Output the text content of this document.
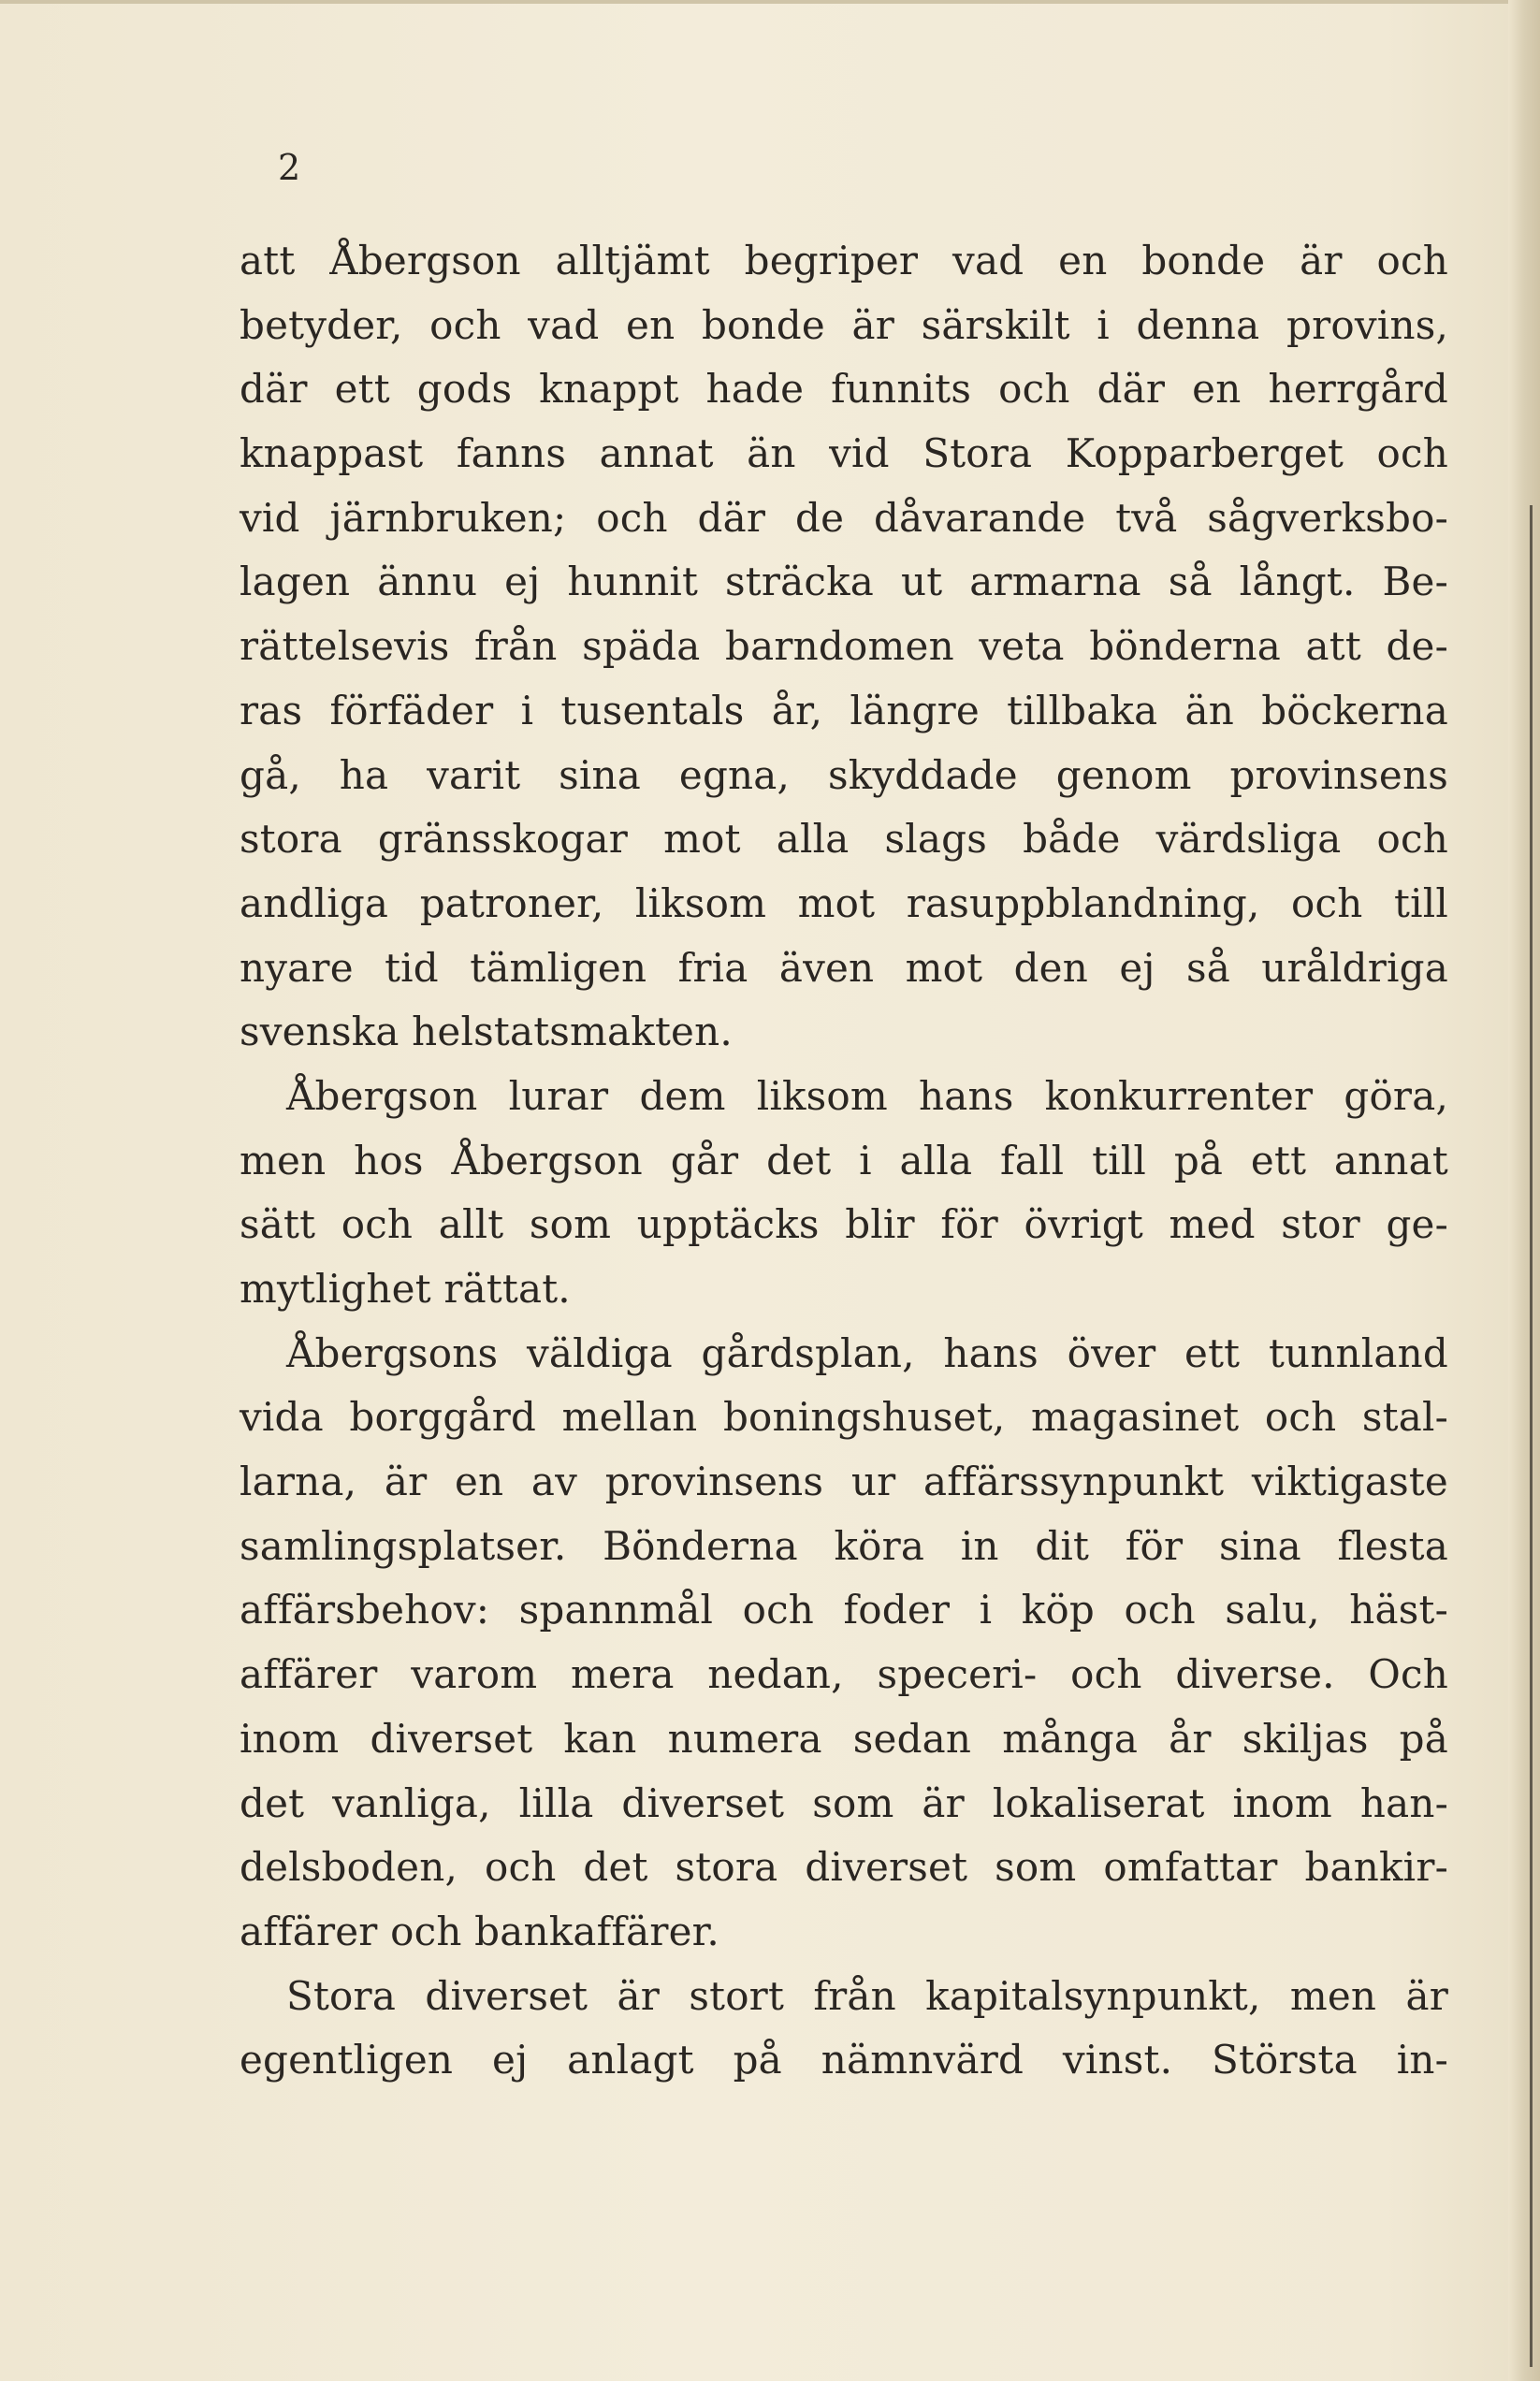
2
att Åbergson alltjämt begriper vad en bonde är och
betyder, och vad en bonde är särskilt i denna provins,
där ett gods knappt hade funnits och där en herrgård
knappast fanns annat än vid Stora Kopparberget och
vid järnbruken; och där de dåvarande två sågverksbo-
lagen ännu ej hunnit sträcka ut armarna så långt. Be-
rättelsevis från späda barndomen veta bönderna att de-
ras förfäder i tusentals år, längre tillbaka än böckerna
gå, ha varit sina egna, skyddade genom provinsens
stora gränsskogar mot alla slags både värdsliga och
andliga patroner, liksom mot rasuppblandning, och till
nyare tid tämligen fria även mot den ej så uråldriga
svenska helstatsmakten.
Åbergson lurar dem liksom hans konkurrenter göra,
men hos Åbergson går det i alla fall till på ett annat
sätt och allt som upptäcks blir för övrigt med stor ge-
mytlighet rättat.
Åbergsons väldiga gårdsplan, hans över ett tunnland
vida borggård mellan boningshuset, magasinet och stal-
larna, är en av provinsens ur affärssynpunkt viktigaste
samlingsplatser. Bönderna köra in dit för sina flesta
affärsbehov: spannmål och foder i köp och salu, häst-
affärer varom mera nedan, speceri- och diverse. Och
inom diverset kan numera sedan många år skiljas på
det vanliga, lilla diverset som är lokaliserat inom han-
delsboden, och det stora diverset som omfattar bankir-
affärer och bankaffärer.
Stora diverset är stort från kapitalsynpunkt, men är
egentligen ej anlagt på nämnvärd vinst. Största in-
